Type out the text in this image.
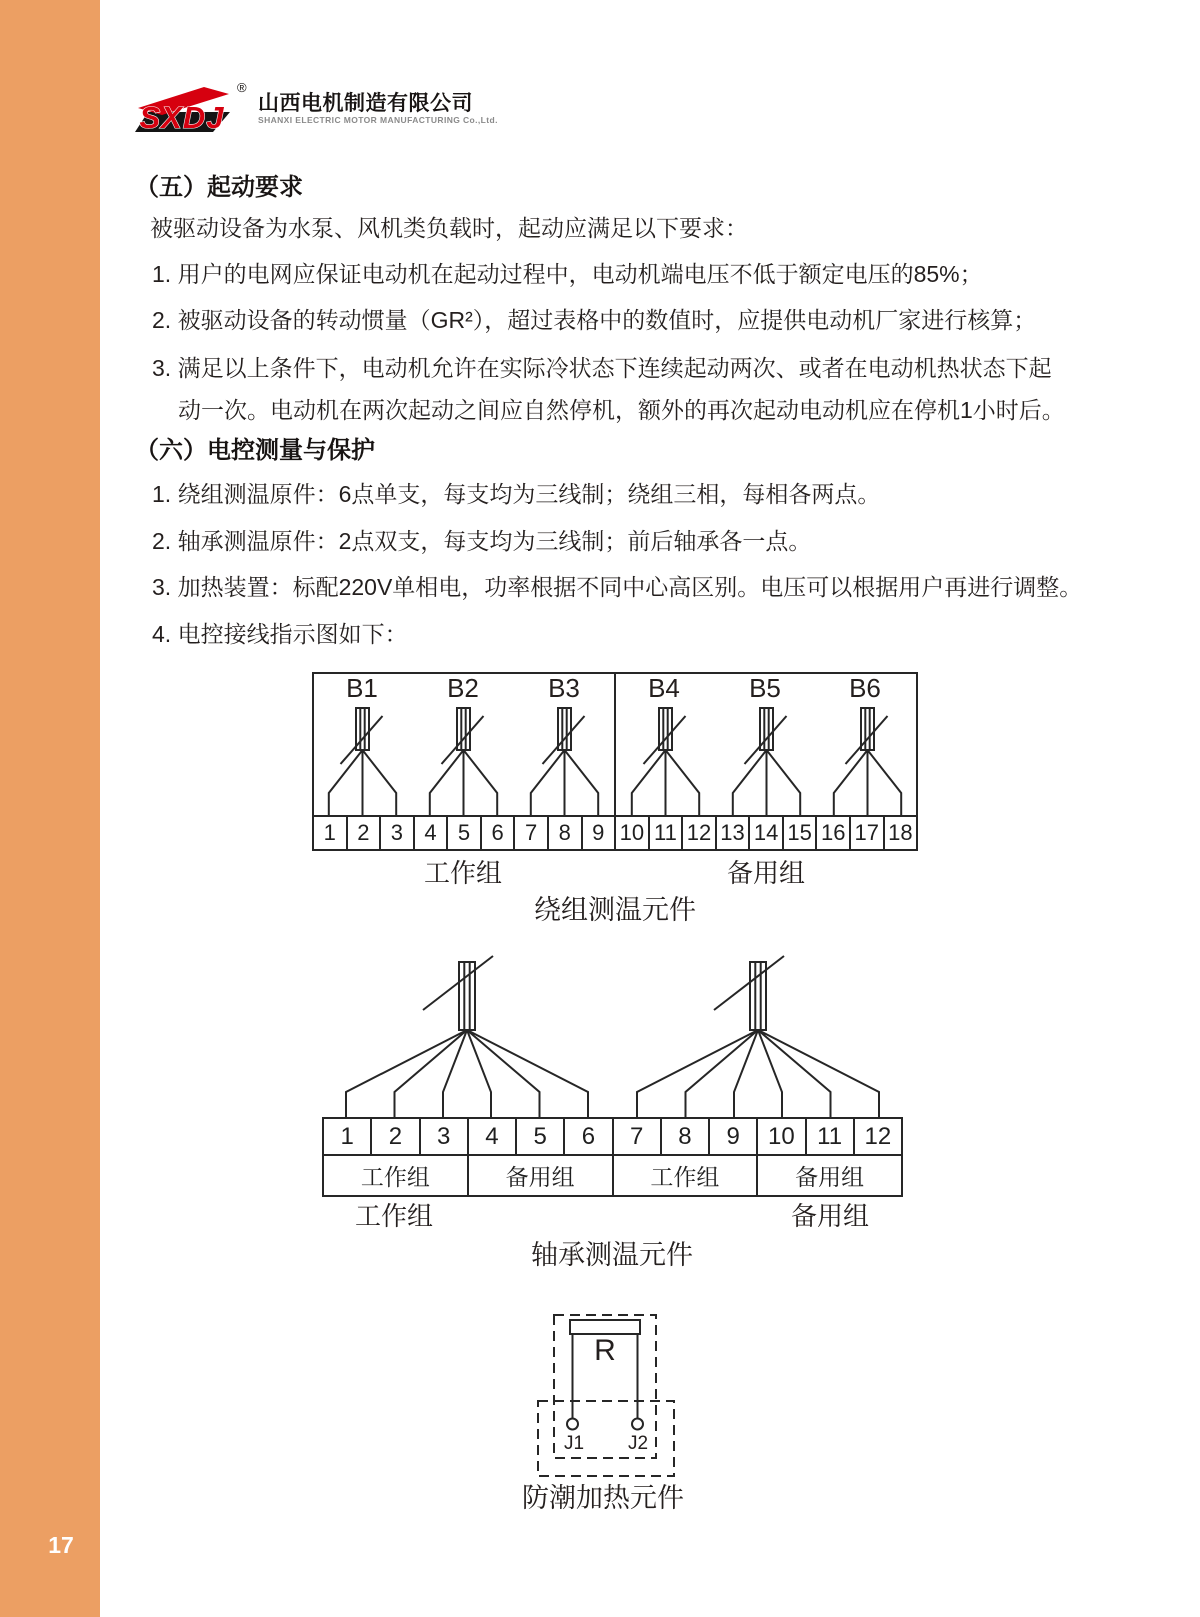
17
SXDJ
®
山西电机制造有限公司
SHANXI ELECTRIC MOTOR MANUFACTURING Co.,Ltd.
（五）起动要求
被驱动设备为水泵、风机类负载时，起动应满足以下要求：
1. 用户的电网应保证电动机在起动过程中，电动机端电压不低于额定电压的85%；
2. 被驱动设备的转动惯量（GR²），超过表格中的数值时，应提供电动机厂家进行核算；
3. 满足以上条件下，电动机允许在实际冷状态下连续起动两次、或者在电动机热状态下起
动一次。电动机在两次起动之间应自然停机，额外的再次起动电动机应在停机1小时后。
（六）电控测量与保护
1. 绕组测温原件：6点单支，每支均为三线制；绕组三相，每相各两点。
2. 轴承测温原件：2点双支，每支均为三线制；前后轴承各一点。
3. 加热装置：标配220V单相电，功率根据不同中心高区别。电压可以根据用户再进行调整。
4. 电控接线指示图如下：
B1	B2	B3	B4	B5	B6
1 2 3 4 5 6 7 8 9 10 11 12 13 14 15 16 17 18
工作组	备用组
绕组测温元件
1	2	3	4	5	6	7	8	9	10 11 12
工作组	备用组	工作组	备用组
工作组	备用组
轴承测温元件
R
J1	J2
防潮加热元件
